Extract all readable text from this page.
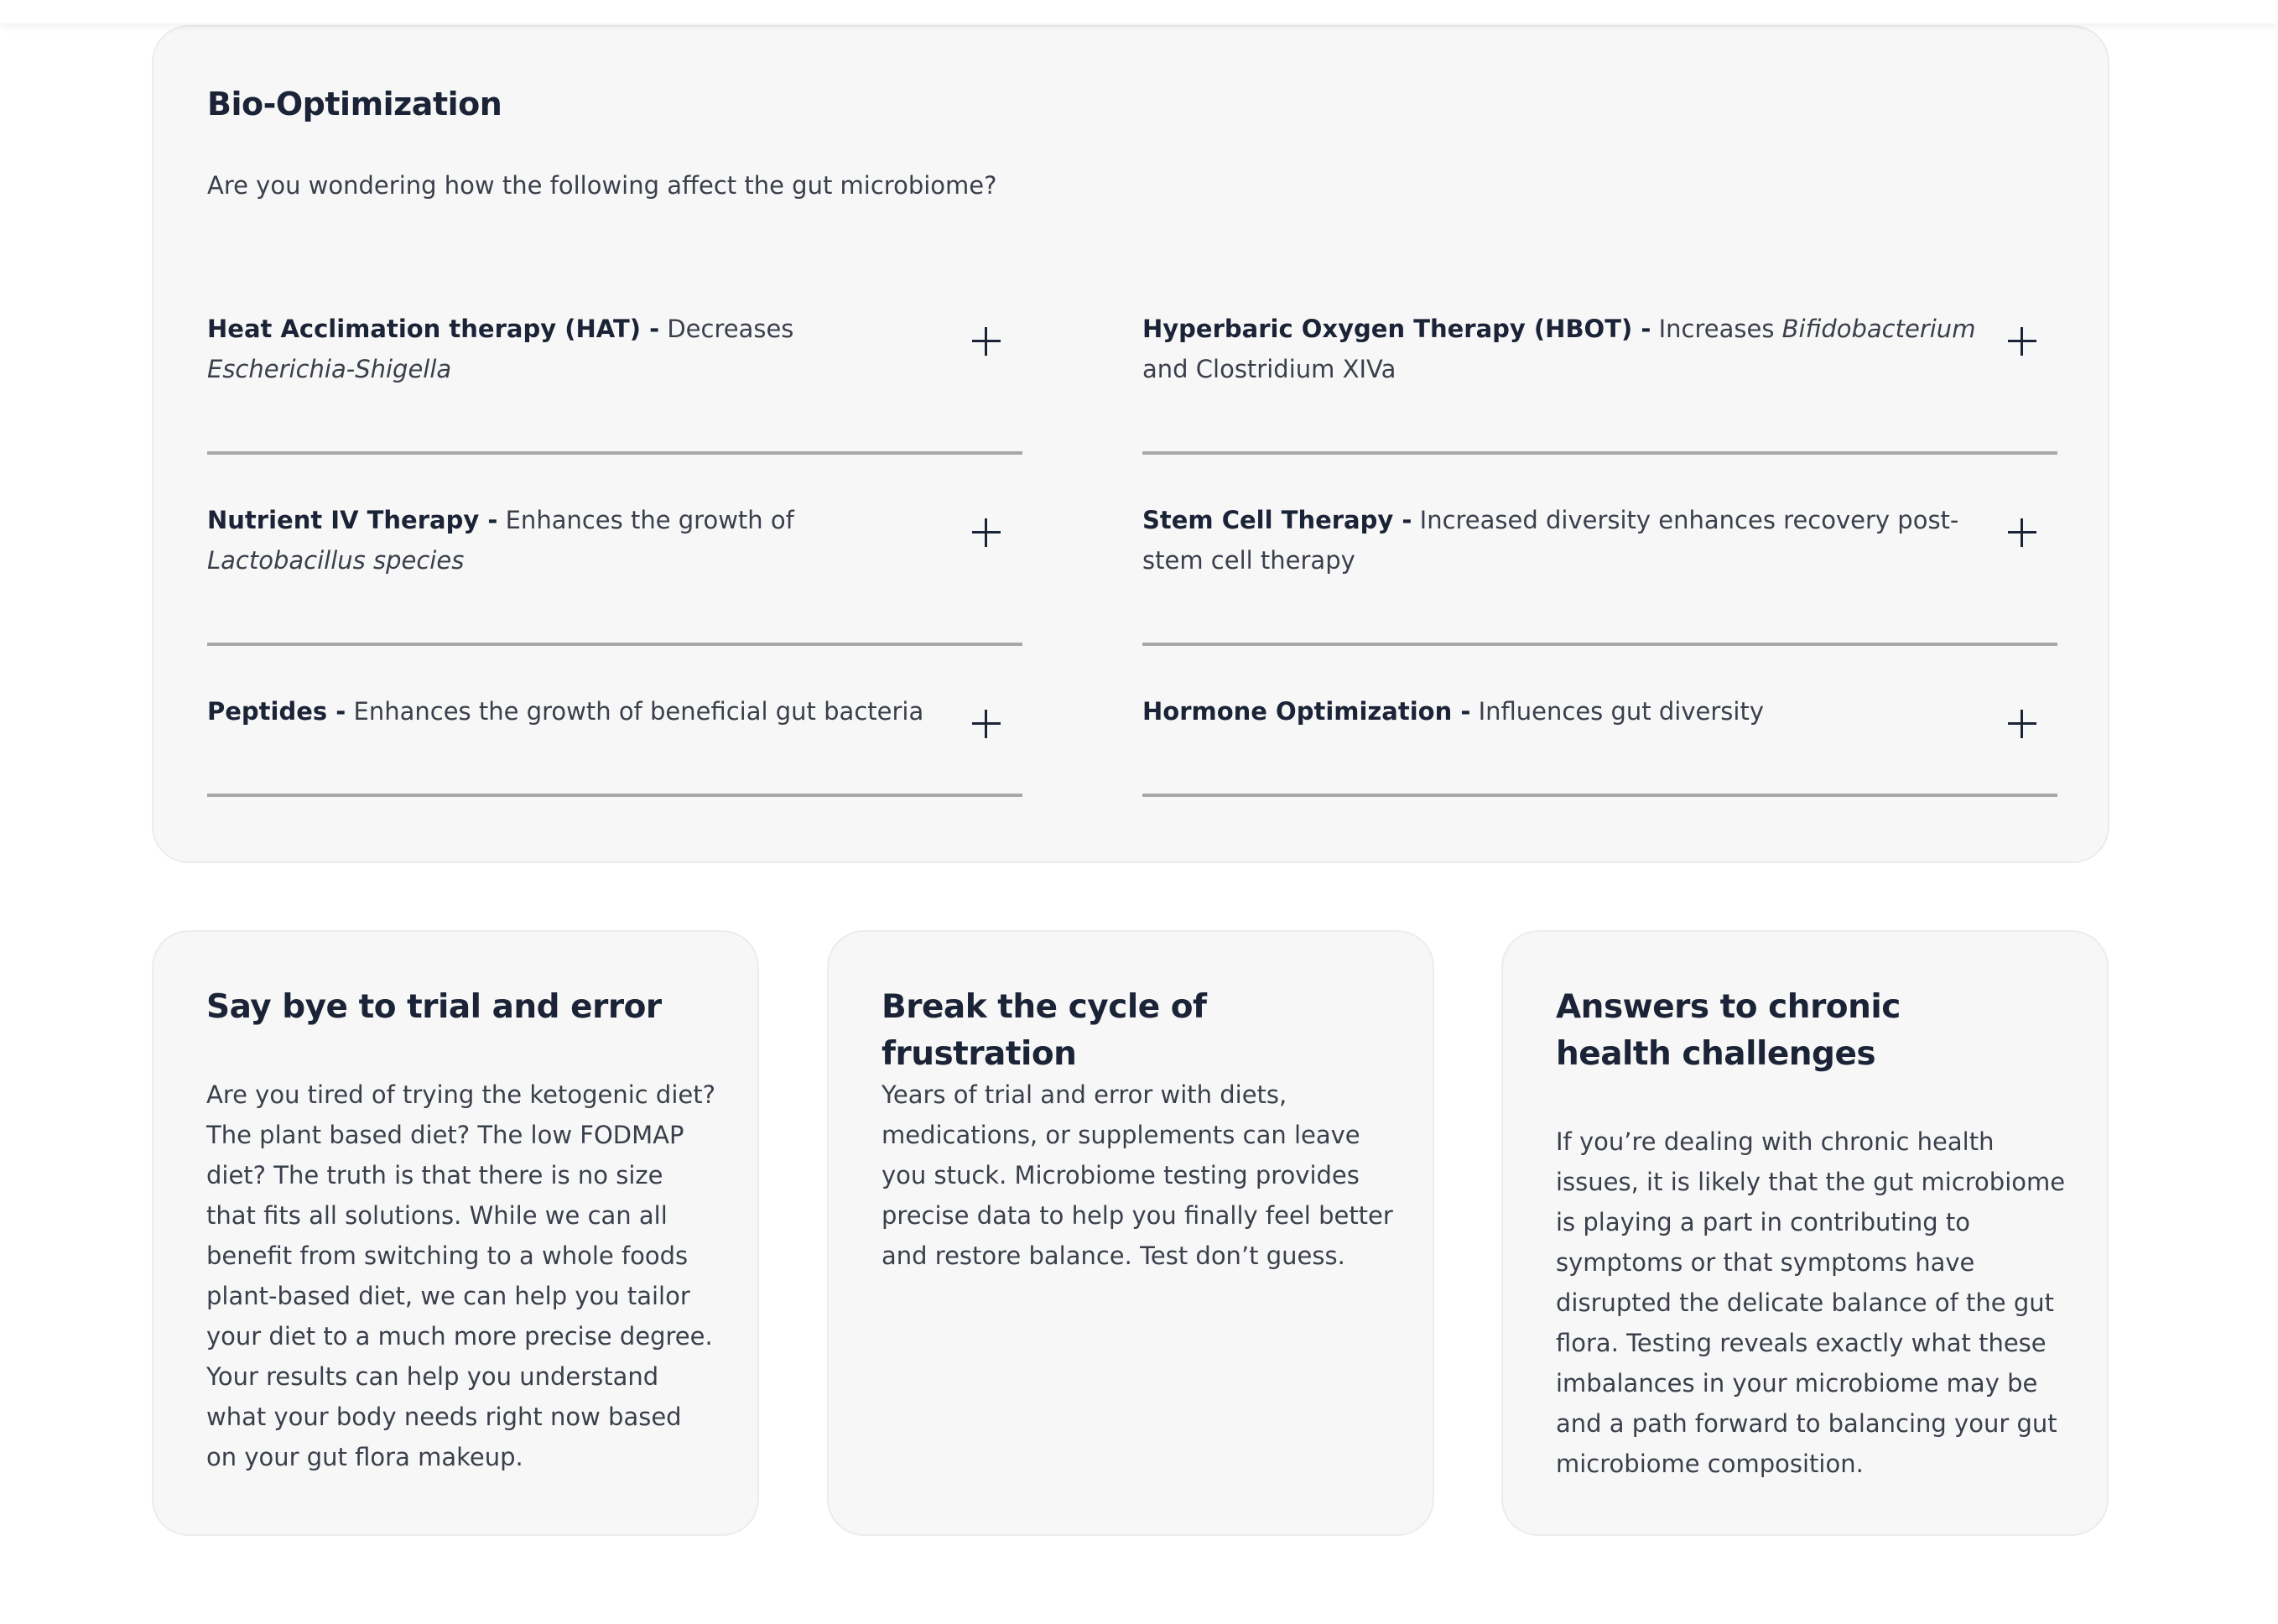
Bio-Optimization

Are you wondering how the following affect the gut microbiome?

Heat Acclimation therapy (HAT) - Decreases Escherichia-Shigella
Hyperbaric Oxygen Therapy (HBOT) - Increases Bifidobacterium and Clostridium XIVa
Nutrient IV Therapy - Enhances the growth of Lactobacillus species
Stem Cell Therapy - Increased diversity enhances recovery post-stem cell therapy
Peptides - Enhances the growth of beneficial gut bacteria	Hormone Optimization - Influences gut diversity
Say bye to trial and error

Are you tired of trying the ketogenic diet? The plant based diet? The low FODMAP diet? The truth is that there is no size that fits all solutions. While we can all benefit from switching to a whole foods plant-based diet, we can help you tailor your diet to a much more precise degree. Your results can help you understand what your body needs right now based on your gut flora makeup.

Break the cycle of frustration

Years of trial and error with diets, medications, or supplements can leave you stuck. Microbiome testing provides precise data to help you finally feel better and restore balance. Test don’t guess.

Answers to chronic health challenges

If you’re dealing with chronic health issues, it is likely that the gut microbiome is playing a part in contributing to symptoms or that symptoms have disrupted the delicate balance of the gut flora. Testing reveals exactly what these imbalances in your microbiome may be and a path forward to balancing your gut microbiome composition.
